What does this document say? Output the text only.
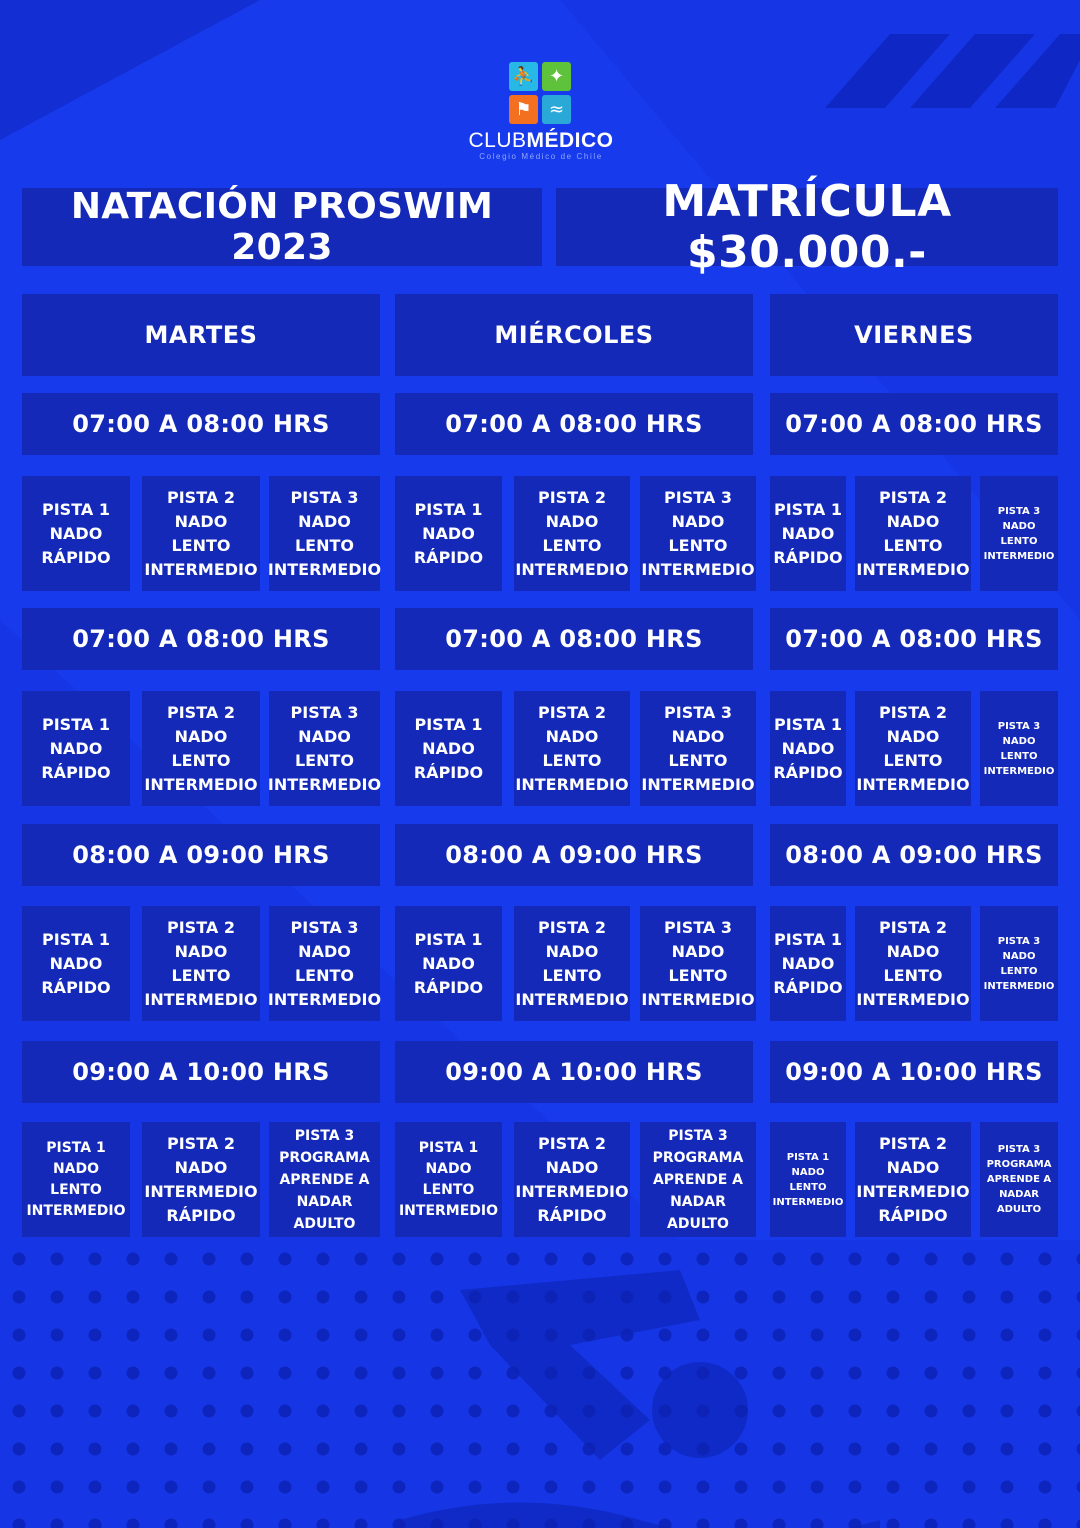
⛹ ✦
⚑ ≈
CLUBMÉDICO
Colegio Médico de Chile
NATACIÓN PROSWIM 2023
MATRÍCULA $30.000.-
MARTES	MIÉRCOLES	VIERNES
07:00 A 08:00 HRS
PISTA 1
NADO
RÁPIDO
PISTA 2
NADO
LENTO
INTERMEDIO
PISTA 3
NADO
LENTO
INTERMEDIO
07:00 A 08:00 HRS
PISTA 1
NADO
RÁPIDO
PISTA 2
NADO
LENTO
INTERMEDIO
PISTA 3
NADO LENTO
INTERMEDIO
07:00 A 08:00 HRS
PISTA 1
NADO
RÁPIDO
PISTA 2
NADO
LENTO
INTERMEDIO
PISTA 3
NADO
LENTO
INTERMEDIO
07:00 A 08:00 HRS
PISTA 1
NADO
RÁPIDO
PISTA 2
NADO
LENTO
INTERMEDIO
PISTA 3
NADO
LENTO
INTERMEDIO
07:00 A 08:00 HRS
PISTA 1
NADO
RÁPIDO
PISTA 2
NADO
LENTO
INTERMEDIO
PISTA 3
NADO LENTO
INTERMEDIO
07:00 A 08:00 HRS
PISTA 1
NADO
RÁPIDO
PISTA 2
NADO
LENTO
INTERMEDIO
PISTA 3
NADO
LENTO
INTERMEDIO
08:00 A 09:00 HRS
PISTA 1
NADO
RÁPIDO
PISTA 2
NADO
LENTO
INTERMEDIO
PISTA 3
NADO
LENTO
INTERMEDIO
08:00 A 09:00 HRS
PISTA 1
NADO
RÁPIDO
PISTA 2
NADO
LENTO
INTERMEDIO
PISTA 3
NADO LENTO
INTERMEDIO
08:00 A 09:00 HRS
PISTA 1
NADO
RÁPIDO
PISTA 2
NADO
LENTO
INTERMEDIO
PISTA 3
NADO
LENTO
INTERMEDIO
09:00 A 10:00 HRS
PISTA 1
NADO
LENTO
INTERMEDIO
PISTA 2
NADO
INTERMEDIO
RÁPIDO
PISTA 3
PROGRAMA
APRENDE A
NADAR
ADULTO
09:00 A 10:00 HRS
PISTA 1
NADO
LENTO
INTERMEDIO
PISTA 2
NADO
INTERMEDIO
RÁPIDO
PISTA 3
PROGRAMA
APRENDE A
NADAR
ADULTO
09:00 A 10:00 HRS
PISTA 1
NADO
LENTO
INTERMEDIO
PISTA 2
NADO
INTERMEDIO
RÁPIDO
PISTA 3
PROGRAMA
APRENDE A
NADAR
ADULTO
